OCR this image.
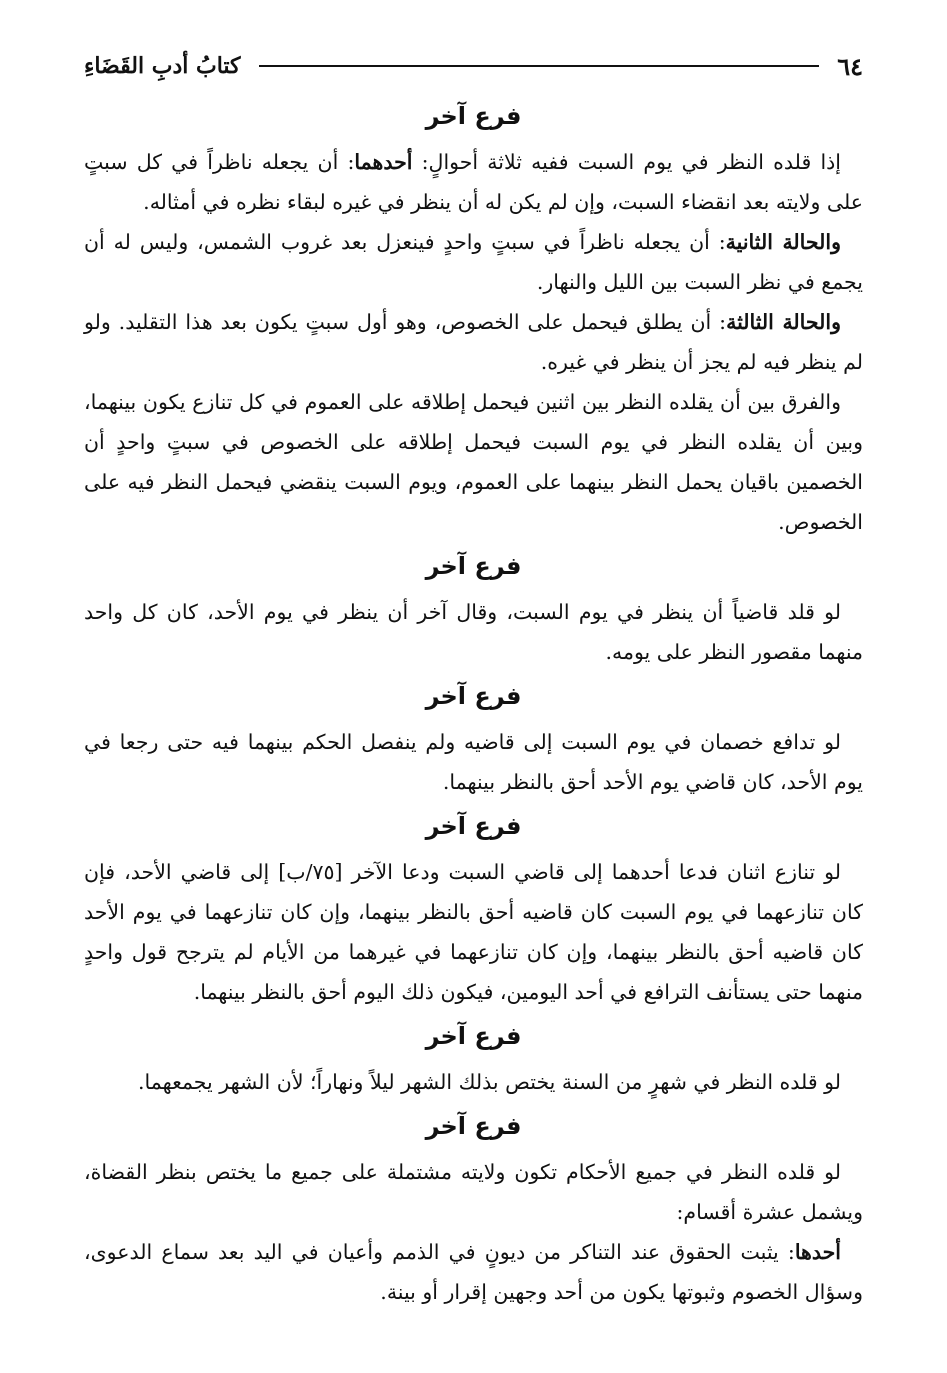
٦٤
كتابُ أدبِ القَضَاءِ
فرع آخر

إذا قلده النظر في يوم السبت ففيه ثلاثة أحوالٍ: أحدهما: أن يجعله ناظراً في كل سبتٍ على ولايته بعد انقضاء السبت، وإن لم يكن له أن ينظر في غيره لبقاء نظره في أمثاله.

والحالة الثانية: أن يجعله ناظراً في سبتٍ واحدٍ فينعزل بعد غروب الشمس، وليس له أن يجمع في نظر السبت بين الليل والنهار.

والحالة الثالثة: أن يطلق فيحمل على الخصوص، وهو أول سبتٍ يكون بعد هذا التقليد. ولو لم ينظر فيه لم يجز أن ينظر في غيره.

والفرق بين أن يقلده النظر بين اثنين فيحمل إطلاقه على العموم في كل تنازع يكون بينهما، وبين أن يقلده النظر في يوم السبت فيحمل إطلاقه على الخصوص في سبتٍ واحدٍ أن الخصمين باقيان يحمل النظر بينهما على العموم، ويوم السبت ينقضي فيحمل النظر فيه على الخصوص.

فرع آخر

لو قلد قاضياً أن ينظر في يوم السبت، وقال آخر أن ينظر في يوم الأحد، كان كل واحد منهما مقصور النظر على يومه.

فرع آخر

لو تدافع خصمان في يوم السبت إلى قاضيه ولم ينفصل الحكم بينهما فيه حتى رجعا في يوم الأحد، كان قاضي يوم الأحد أحق بالنظر بينهما.

فرع آخر

لو تنازع اثنان فدعا أحدهما إلى قاضي السبت ودعا الآخر [٧٥/ب] إلى قاضي الأحد، فإن كان تنازعهما في يوم السبت كان قاضيه أحق بالنظر بينهما، وإن كان تنازعهما في يوم الأحد كان قاضيه أحق بالنظر بينهما، وإن كان تنازعهما في غيرهما من الأيام لم يترجح قول واحدٍ منهما حتى يستأنف الترافع في أحد اليومين، فيكون ذلك اليوم أحق بالنظر بينهما.

فرع آخر

لو قلده النظر في شهرٍ من السنة يختص بذلك الشهر ليلاً ونهاراً؛ لأن الشهر يجمعهما.

فرع آخر

لو قلده النظر في جميع الأحكام تكون ولايته مشتملة على جميع ما يختص بنظر القضاة، ويشمل عشرة أقسام:

أحدها: يثبت الحقوق عند التناكر من ديونٍ في الذمم وأعيان في اليد بعد سماع الدعوى، وسؤال الخصوم وثبوتها يكون من أحد وجهين إقرار أو بينة.
